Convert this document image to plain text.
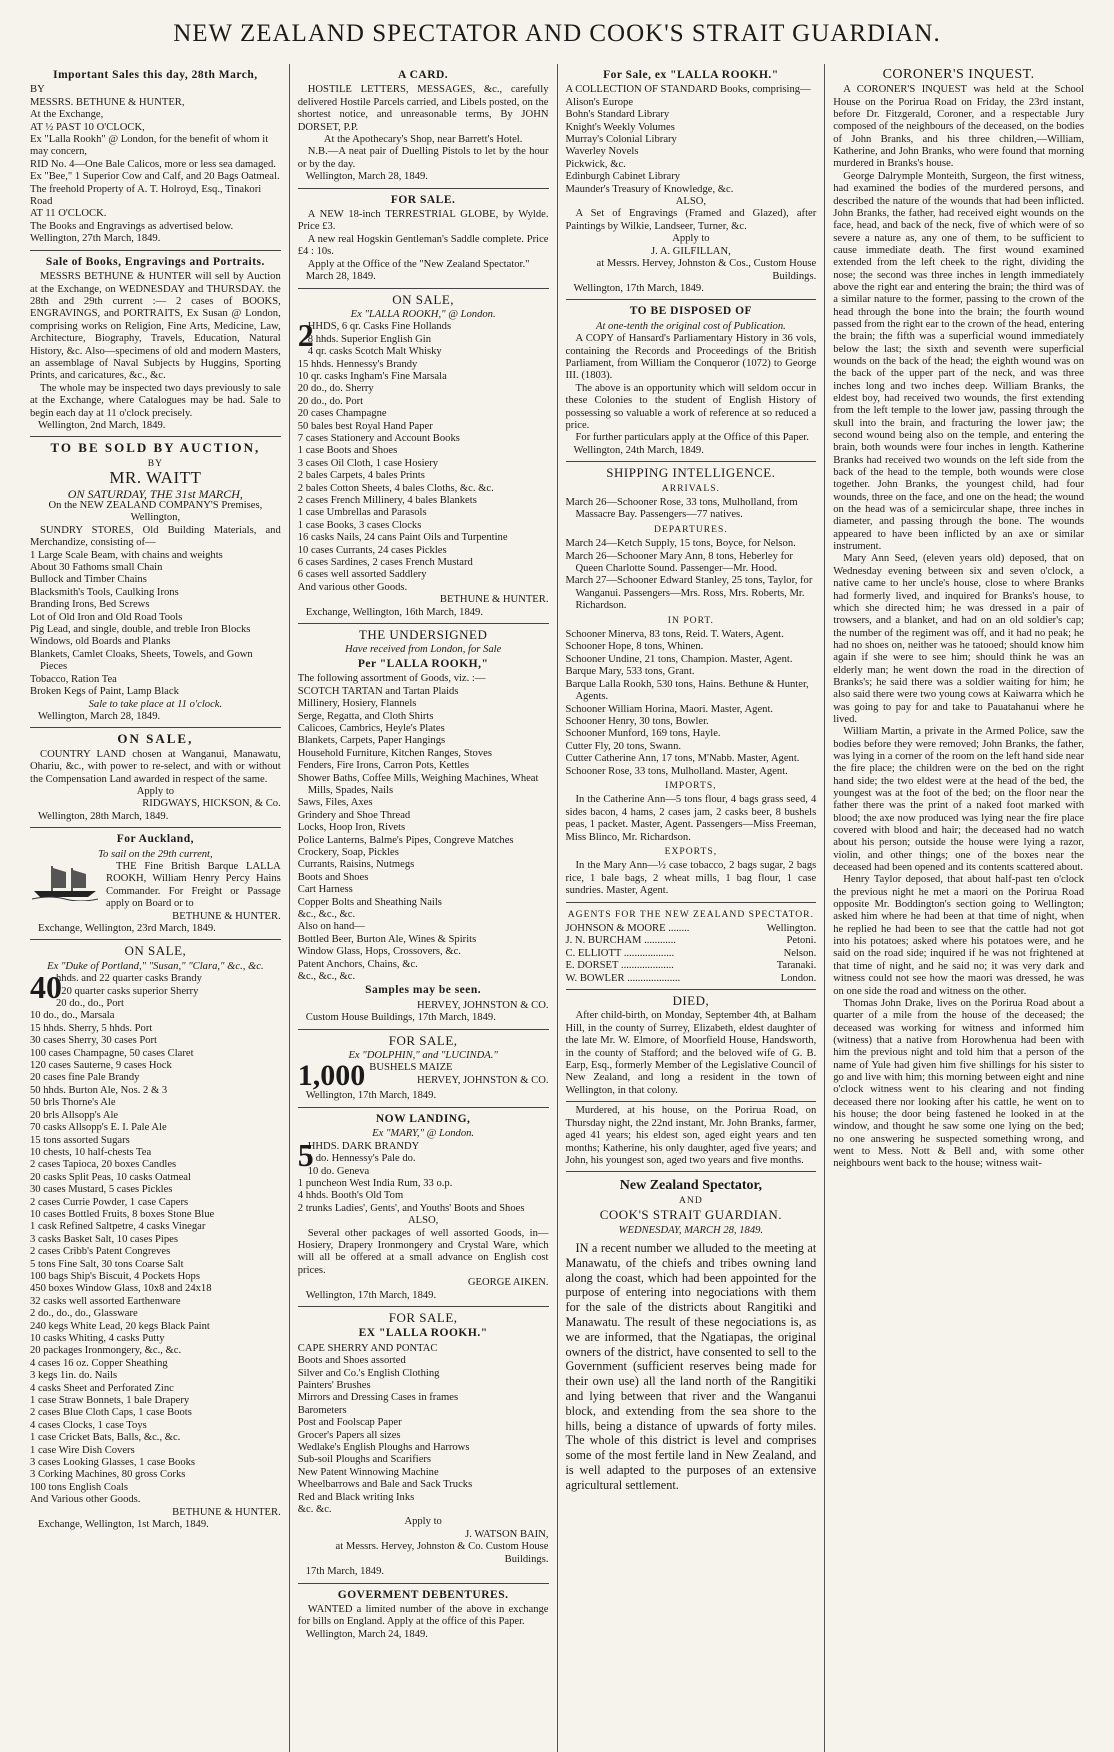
NEW ZEALAND SPECTATOR AND COOK'S STRAIT GUARDIAN.
Important Sales this day, 28th March,
BY
MESSRS. BETHUNE & HUNTER,
At the Exchange,
AT ½ PAST 10 O'CLOCK,
Ex "Lalla Rookh" @ London, for the benefit of whom it may concern,
RID No. 4—One Bale Calicos, more or less sea damaged.
Ex "Bee," 1 Superior Cow and Calf, and 20 Bags Oatmeal.
The freehold Property of A. T. Holroyd, Esq., Tinakori Road
AT 11 O'CLOCK.
The Books and Engravings as advertised below.
Wellington, 27th March, 1849.
Sale of Books, Engravings and Portraits.

MESSRS BETHUNE & HUNTER will sell by Auction at the Exchange, on WEDNESDAY and THURSDAY. the 28th and 29th current :— 2 cases of BOOKS, ENGRAVINGS, and PORTRAITS, Ex Susan @ London, comprising works on Religion, Fine Arts, Medicine, Law, Architecture, Biography, Travels, Education, Natural History, &c. Also—specimens of old and modern Masters, an assemblage of Naval Subjects by Huggins, Sporting Prints, and caricatures, &c., &c.

The whole may be inspected two days previously to sale at the Exchange, where Catalogues may be had. Sale to begin each day at 11 o'clock precisely.

Wellington, 2nd March, 1849.

TO BE SOLD BY AUCTION,
BY
MR. WAITT
ON SATURDAY, THE 31st MARCH,
On the NEW ZEALAND COMPANY'S Premises, Wellington,

SUNDRY STORES, Old Building Materials, and Merchandize, consisting of—

1 Large Scale Beam, with chains and weights
About 30 Fathoms small Chain
Bullock and Timber Chains
Blacksmith's Tools, Caulking Irons
Branding Irons, Bed Screws
Lot of Old Iron and Old Road Tools
Pig Lead, and single, double, and treble Iron Blocks
Windows, old Boards and Planks
Blankets, Camlet Cloaks, Sheets, Towels, and Gown Pieces
Tobacco, Ration Tea
Broken Kegs of Paint, Lamp Black
Sale to take place at 11 o'clock.

Wellington, March 28, 1849.

ON SALE,

COUNTRY LAND chosen at Wanganui, Manawatu, Ohariu, &c., with power to re-select, and with or without the Compensation Land awarded in respect of the same.

Apply to

RIDGWAYS, HICKSON, & Co.

Wellington, 28th March, 1849.

For Auckland,
To sail on the 29th current,

THE Fine British Barque LALLA ROOKH, William Henry Percy Hains Commander. For Freight or Passage apply on Board or to

BETHUNE & HUNTER.

Exchange, Wellington, 23rd March, 1849.

ON SALE,
Ex "Duke of Portland," "Susan," "Clara," &c., &c.
40
hhds. and 22 quarter casks Brandy
120 quarter casks superior Sherry
20 do., do., Port
10 do., do., Marsala
15 hhds. Sherry, 5 hhds. Port
30 cases Sherry, 30 cases Port
100 cases Champagne, 50 cases Claret
120 cases Sauterne, 9 cases Hock
20 cases fine Pale Brandy
50 hhds. Burton Ale, Nos. 2 & 3
50 brls Thorne's Ale
20 brls Allsopp's Ale
70 casks Allsopp's E. I. Pale Ale
15 tons assorted Sugars
10 chests, 10 half-chests Tea
2 cases Tapioca, 20 boxes Candles
20 casks Split Peas, 10 casks Oatmeal
30 cases Mustard, 5 cases Pickles
2 cases Currie Powder, 1 case Capers
10 cases Bottled Fruits, 8 boxes Stone Blue
1 cask Refined Saltpetre, 4 casks Vinegar
3 casks Basket Salt, 10 cases Pipes
2 cases Cribb's Patent Congreves
5 tons Fine Salt, 30 tons Coarse Salt
100 bags Ship's Biscuit, 4 Pockets Hops
450 boxes Window Glass, 10x8 and 24x18
32 casks well assorted Earthenware
2 do., do., do., Glassware
240 kegs White Lead, 20 kegs Black Paint
10 casks Whiting, 4 casks Putty
20 packages Ironmongery, &c., &c.
4 cases 16 oz. Copper Sheathing
3 kegs 1in. do. Nails
4 casks Sheet and Perforated Zinc
1 case Straw Bonnets, 1 bale Drapery
2 cases Blue Cloth Caps, 1 case Boots
4 cases Clocks, 1 case Toys
1 case Cricket Bats, Balls, &c., &c.
1 case Wire Dish Covers
3 cases Looking Glasses, 1 case Books
3 Corking Machines, 80 gross Corks
100 tons English Coals
And Various other Goods.

BETHUNE & HUNTER.

Exchange, Wellington, 1st March, 1849.

A CARD.

HOSTILE LETTERS, MESSAGES, &c., carefully delivered Hostile Parcels carried, and Libels posted, on the shortest notice, and unreasonable terms, By JOHN DORSET, P.P.

At the Apothecary's Shop, near Barrett's Hotel.

N.B.—A neat pair of Duelling Pistols to let by the hour or by the day.

Wellington, March 28, 1849.

FOR SALE.

A NEW 18-inch TERRESTRIAL GLOBE, by Wylde. Price £3.

A new real Hogskin Gentleman's Saddle complete. Price £4 : 10s.

Apply at the Office of the "New Zealand Spectator."

March 28, 1849.

ON SALE,
Ex "LALLA ROOKH," @ London.
2
HHDS, 6 qr. Casks Fine Hollands
8 hhds. Superior English Gin
4 qr. casks Scotch Malt Whisky
15 hhds. Hennessy's Brandy
10 qr. casks Ingham's Fine Marsala
20 do., do. Sherry
20 do., do. Port
20 cases Champagne
50 bales best Royal Hand Paper
7 cases Stationery and Account Books
1 case Boots and Shoes
3 cases Oil Cloth, 1 case Hosiery
2 bales Carpets, 4 bales Prints
2 bales Cotton Sheets, 4 bales Cloths, &c. &c.
2 cases French Millinery, 4 bales Blankets
1 case Umbrellas and Parasols
1 case Books, 3 cases Clocks
16 casks Nails, 24 cans Paint Oils and Turpentine
10 cases Currants, 24 cases Pickles
6 cases Sardines, 2 cases French Mustard
6 cases well assorted Saddlery
And various other Goods.

BETHUNE & HUNTER.

Exchange, Wellington, 16th March, 1849.

THE UNDERSIGNED
Have received from London, for Sale
Per "LALLA ROOKH,"

The following assortment of Goods, viz. :—

SCOTCH TARTAN and Tartan Plaids
Millinery, Hosiery, Flannels
Serge, Regatta, and Cloth Shirts
Calicoes, Cambrics, Heyle's Plates
Blankets, Carpets, Paper Hangings
Household Furniture, Kitchen Ranges, Stoves
Fenders, Fire Irons, Carron Pots, Kettles
Shower Baths, Coffee Mills, Weighing Machines, Wheat Mills, Spades, Nails
Saws, Files, Axes
Grindery and Shoe Thread
Locks, Hoop Iron, Rivets
Police Lanterns, Balme's Pipes, Congreve Matches
Crockery, Soap, Pickles
Currants, Raisins, Nutmegs
Boots and Shoes
Cart Harness
Copper Bolts and Sheathing Nails
&c., &c., &c.
Also on hand—
Bottled Beer, Burton Ale, Wines & Spirits
Window Glass, Hops, Crossovers, &c.
Patent Anchors, Chains, &c.
&c., &c., &c.
Samples may be seen.

HERVEY, JOHNSTON & CO.

Custom House Buildings, 17th March, 1849.

FOR SALE,
Ex "DOLPHIN," and "LUCINDA."
1,000 BUSHELS MAIZE

HERVEY, JOHNSTON & CO.

Wellington, 17th March, 1849.

NOW LANDING,
Ex "MARY," @ London.
5
HHDS. DARK BRANDY
1 do. Hennessy's Pale do.
10 do. Geneva
1 puncheon West India Rum, 33 o.p.
4 hhds. Booth's Old Tom
2 trunks Ladies', Gents', and Youths' Boots and Shoes

ALSO,

Several other packages of well assorted Goods, in— Hosiery, Drapery Ironmongery and Crystal Ware, which will all be offered at a small advance on English cost prices.

GEORGE AIKEN.

Wellington, 17th March, 1849.

FOR SALE,
EX "LALLA ROOKH."
CAPE SHERRY AND PONTAC
Boots and Shoes assorted
Silver and Co.'s English Clothing
Painters' Brushes
Mirrors and Dressing Cases in frames
Barometers
Post and Foolscap Paper
Grocer's Papers all sizes
Wedlake's English Ploughs and Harrows
Sub-soil Ploughs and Scarifiers
New Patent Winnowing Machine
Wheelbarrows and Bale and Sack Trucks
Red and Black writing Inks
&c. &c.

Apply to

J. WATSON BAIN,

at Messrs. Hervey, Johnston & Co. Custom House Buildings.

17th March, 1849.

GOVERMENT DEBENTURES.

WANTED a limited number of the above in exchange for bills on England. Apply at the office of this Paper.

Wellington, March 24, 1849.

For Sale, ex "LALLA ROOKH."
A COLLECTION OF STANDARD Books, comprising—
Alison's Europe
Bohn's Standard Library
Knight's Weekly Volumes
Murray's Colonial Library
Waverley Novels
Pickwick, &c.
Edinburgh Cabinet Library
Maunder's Treasury of Knowledge, &c.

ALSO,

A Set of Engravings (Framed and Glazed), after Paintings by Wilkie, Landseer, Turner, &c.

Apply to

J. A. GILFILLAN,

at Messrs. Hervey, Johnston & Cos., Custom House Buildings.

Wellington, 17th March, 1849.

TO BE DISPOSED OF
At one-tenth the original cost of Publication.

A COPY of Hansard's Parliamentary History in 36 vols, containing the Records and Proceedings of the British Parliament, from William the Conqueror (1072) to George III. (1803).

The above is an opportunity which will seldom occur in these Colonies to the student of English History of possessing so valuable a work of reference at so reduced a price.

For further particulars apply at the Office of this Paper.

Wellington, 24th March, 1849.

SHIPPING INTELLIGENCE.
ARRIVALS.
March 26—Schooner Rose, 33 tons, Mulholland, from Massacre Bay. Passengers—77 natives.
DEPARTURES.
March 24—Ketch Supply, 15 tons, Boyce, for Nelson.
March 26—Schooner Mary Ann, 8 tons, Heberley for Queen Charlotte Sound. Passenger—Mr. Hood.
March 27—Schooner Edward Stanley, 25 tons, Taylor, for Wanganui. Passengers—Mrs. Ross, Mrs. Roberts, Mr. Richardson.
IN PORT.
Schooner Minerva, 83 tons, Reid. T. Waters, Agent.
Schooner Hope, 8 tons, Whinen.
Schooner Undine, 21 tons, Champion. Master, Agent.
Barque Mary, 533 tons, Grant.
Barque Lalla Rookh, 530 tons, Hains. Bethune & Hunter, Agents.
Schooner William Horina, Maori. Master, Agent.
Schooner Henry, 30 tons, Bowler.
Schooner Munford, 169 tons, Hayle.
Cutter Fly, 20 tons, Swann.
Cutter Catherine Ann, 17 tons, M'Nabb. Master, Agent.
Schooner Rose, 33 tons, Mulholland. Master, Agent.
IMPORTS,

In the Catherine Ann—5 tons flour, 4 bags grass seed, 4 sides bacon, 4 hams, 2 cases jam, 2 casks beer, 8 bushels peas, 1 packet. Master, Agent. Passengers—Miss Freeman, Miss Blinco, Mr. Richardson.

EXPORTS,

In the Mary Ann—½ case tobacco, 2 bags sugar, 2 bags rice, 1 bale bags, 2 wheat mills, 1 bag flour, 1 case sundries. Master, Agent.

AGENTS FOR THE NEW ZEALAND SPECTATOR.
JOHNSON & MOORE ........	Wellington.
J. N. BURCHAM ............	Petoni.
C. ELLIOTT ...................	Nelson.
E. DORSET ....................	Taranaki.
W. BOWLER ....................	London.
DIED,

After child-birth, on Monday, September 4th, at Balham Hill, in the county of Surrey, Elizabeth, eldest daughter of the late Mr. W. Elmore, of Moorfield House, Handsworth, in the county of Stafford; and the beloved wife of G. B. Earp, Esq., formerly Member of the Legislative Council of New Zealand, and long a resident in the town of Wellington, in that colony.

Murdered, at his house, on the Porirua Road, on Thursday night, the 22nd instant, Mr. John Branks, farmer, aged 41 years; his eldest son, aged eight years and ten months; Katherine, his only daughter, aged five years; and John, his youngest son, aged two years and five months.

New Zealand Spectator,
AND
COOK'S STRAIT GUARDIAN.
WEDNESDAY, MARCH 28, 1849.

IN a recent number we alluded to the meeting at Manawatu, of the chiefs and tribes owning land along the coast, which had been appointed for the purpose of entering into negociations with them for the sale of the districts about Rangitiki and Manawatu. The result of these negociations is, as we are informed, that the Ngatiapas, the original owners of the district, have consented to sell to the Government (sufficient reserves being made for their own use) all the land north of the Rangitiki and lying between that river and the Wanganui block, and extending from the sea shore to the hills, being a distance of upwards of forty miles. The whole of this district is level and comprises some of the most fertile land in New Zealand, and is well adapted to the purposes of an extensive agricultural settlement.

CORONER'S INQUEST.

A CORONER'S INQUEST was held at the School House on the Porirua Road on Friday, the 23rd instant, before Dr. Fitzgerald, Coroner, and a respectable Jury composed of the neighbours of the deceased, on the bodies of John Branks, and his three children,—William, Katherine, and John Branks, who were found that morning murdered in Branks's house.

George Dalrymple Monteith, Surgeon, the first witness, had examined the bodies of the murdered persons, and described the nature of the wounds that had been inflicted. John Branks, the father, had received eight wounds on the face, head, and back of the neck, five of which were of so severe a nature as, any one of them, to be sufficient to cause immediate death. The first wound examined extended from the left cheek to the right, dividing the nose; the second was three inches in length immediately above the right ear and entering the brain; the third was of a similar nature to the former, passing to the crown of the head through the bone into the brain; the fourth wound passed from the right ear to the crown of the head, entering the brain; the fifth was a superficial wound immediately below the last; the sixth and seventh were superficial wounds on the back of the head; the eighth wound was on the back of the upper part of the neck, and was three inches long and two inches deep. William Branks, the eldest boy, had received two wounds, the first extending from the left temple to the lower jaw, passing through the skull into the brain, and fracturing the lower jaw; the second wound being also on the temple, and entering the brain, both wounds were four inches in length. Katherine Branks had received two wounds on the left side from the back of the head to the temple, both wounds were close together. John Branks, the youngest child, had four wounds, three on the face, and one on the head; the wound on the head was of a semicircular shape, three inches in diameter, and passing through the bone. The wounds appeared to have been inflicted by an axe or similar instrument.

Mary Ann Seed, (eleven years old) deposed, that on Wednesday evening between six and seven o'clock, a native came to her uncle's house, close to where Branks had formerly lived, and inquired for Branks's house, to which she directed him; he was dressed in a pair of trowsers, and a blanket, and had on an old soldier's cap; the number of the regiment was off, and it had no peak; he had no shoes on, neither was he tatooed; should know him again if she were to see him; should think he was an elderly man; he went down the road in the direction of Branks's; he said there was a soldier waiting for him; he also said there were two young cows at Kaiwarra which he was going to pay for and take to Pauatahanui where he lived.

William Martin, a private in the Armed Police, saw the bodies before they were removed; John Branks, the father, was lying in a corner of the room on the left hand side near the fire place; the children were on the bed on the right hand side; the two eldest were at the head of the bed, the youngest was at the foot of the bed; on the floor near the father there was the print of a naked foot marked with blood; the axe now produced was lying near the fire place covered with blood and hair; the deceased had no watch about his person; outside the house were lying a razor, violin, and other things; one of the boxes near the deceased had been opened and its contents scattered about.

Henry Taylor deposed, that about half-past ten o'clock the previous night he met a maori on the Porirua Road opposite Mr. Boddington's section going to Wellington; asked him where he had been at that time of night, when he replied he had been to see that the cattle had not got into his potatoes; asked where his potatoes were, and he said on the road side; inquired if he was not frightened at that time of night, and he said no; it was very dark and witness could not see how the maori was dressed, he was on one side the road and witness on the other.

Thomas John Drake, lives on the Porirua Road about a quarter of a mile from the house of the deceased; the deceased was working for witness and informed him (witness) that a native from Horowhenua had been with him the previous night and told him that a person of the name of Yule had given him five shillings for his sister to go and live with him; this morning between eight and nine o'clock witness went to his clearing and not finding deceased there nor looking after his cattle, he went on to his house; the door being fastened he looked in at the window, and thought he saw some one lying on the bed; no one answering he suspected something wrong, and went to Mess. Nott & Bell and, with some other neighbours went back to the house; witness wait-
